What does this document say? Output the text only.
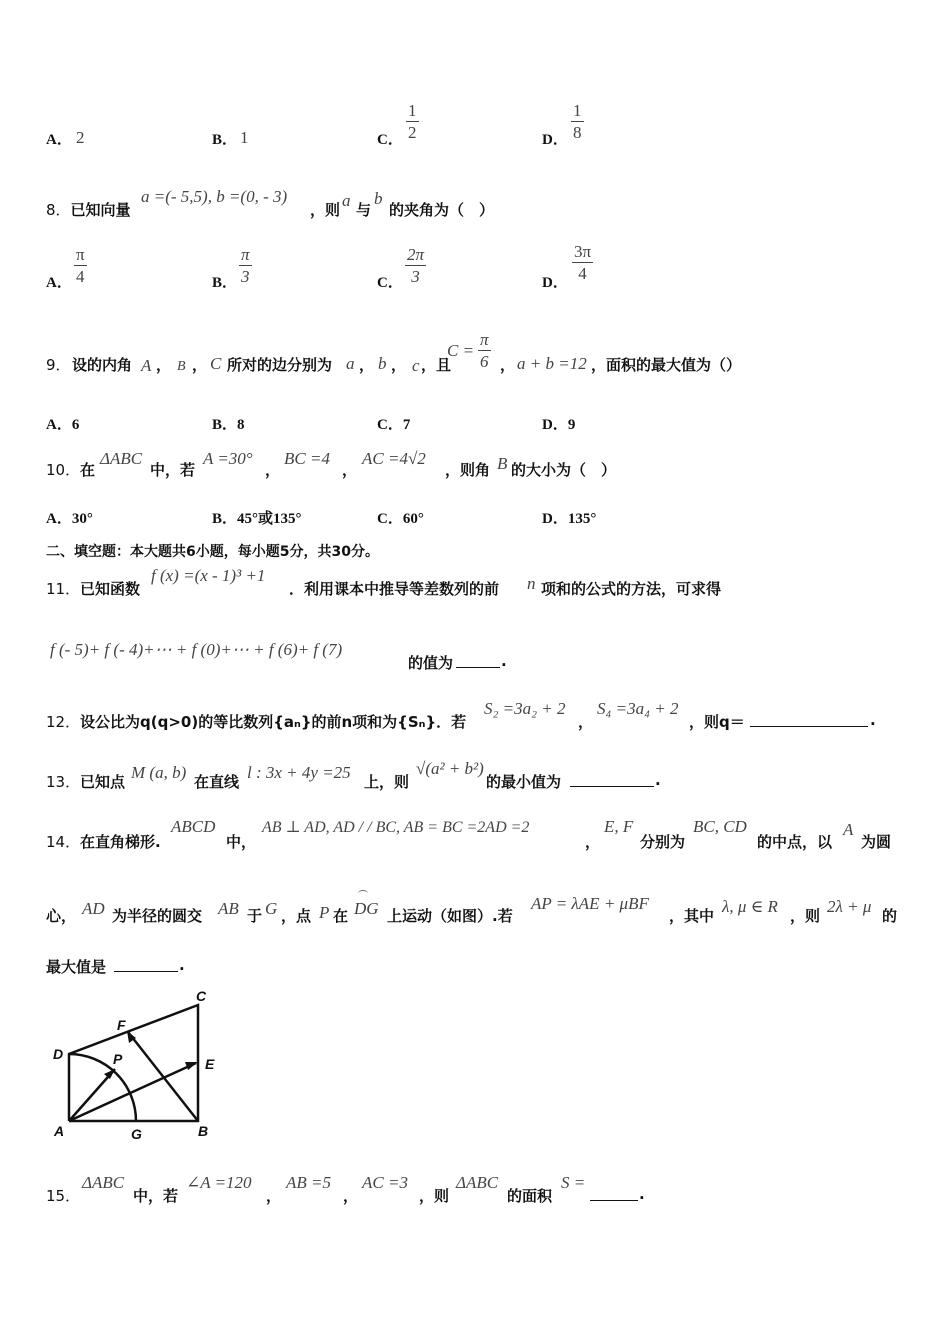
A． 2	B． 1	C． $\frac{1}{2}$	D． $\frac{1}{8}$
8．已知向量
a =(- 5,5), b =(0, - 3)
，则 a 与
b
的夹角为（　）
A． $\frac{\pi}{4}$	B． $\frac{\pi}{3}$	C． $\frac{2\pi}{3}$	D． $\frac{3\pi}{4}$
9． 设的内角 A ， B ， C 所对的边分别为 a ， b ， c ，且
$C = \frac{\pi}{6}$ ， a + b =12 ，面积的最大值为（）
A．6	B．8	C．7	D．9
10． 在
ΔABC
中，若
A =30°
，
BC =4
，
AC =4√2
，则角 B 的大小为（　）
A．30°	B．45°或135°	C．60°	D．135°
二、填空题：本大题共6小题，每小题5分，共30分。
11． 已知函数
f (x) =(x - 1)³ +1
．利用课本中推导等差数列的前 n 项和的公式的方法，可求得
f (- 5)+ f (- 4)+⋯ + f (0)+⋯ + f (6)+ f (7)
的值为	.
12． 设公比为q(q>0)的等比数列{aₙ}的前n项和为{Sₙ}．若
S₂ =3a₂ + 2
，
S₄ =3a₄ + 2
，则q＝	.
13． 已知点 M (a, b) 在直线 l : 3x + 4y =25 上，则
√(a² + b²)
的最小值为	.
14． 在直角梯形.
ABCD
中，
AB ⊥ AD, AD / / BC, AB = BC =2AD =2
，
E, F
分别为
BC, CD
的中点，以
A
为圆
心， AD 为半径的圆交 AB 于 G ，点 P 在 DG 上运动（如图）.若
AP = λAE + μBF
，其中 λ, μ ∈ R ，则 2λ + μ 的
最大值是	.
A	B
C
D
E
F
G
P
15．
ΔABC
中，若
∠A =120
，
AB =5
，
AC =3
，则
ΔABC
的面积
S =
.
